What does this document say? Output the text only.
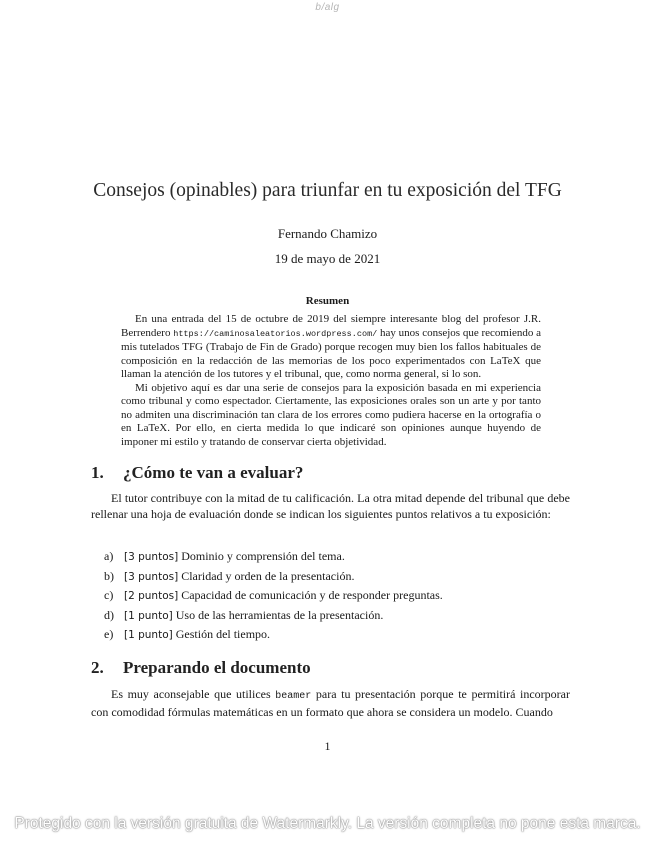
b/alg
Consejos (opinables) para triunfar en tu exposición del TFG
Fernando Chamizo
19 de mayo de 2021
Resumen

En una entrada del 15 de octubre de 2019 del siempre interesante blog del profesor J.R. Berrendero https://caminosaleatorios.wordpress.com/ hay unos consejos que recomiendo a mis tutelados TFG (Trabajo de Fin de Grado) porque recogen muy bien los fallos habituales de composición en la redacción de las memorias de los poco experimentados con LaTeX que llaman la atención de los tutores y el tribunal, que, como norma general, si lo son.

Mi objetivo aquí es dar una serie de consejos para la exposición basada en mi experiencia como tribunal y como espectador. Ciertamente, las exposiciones orales son un arte y por tanto no admiten una discriminación tan clara de los errores como pudiera hacerse en la ortografía o en LaTeX. Por ello, en cierta medida lo que indicaré son opiniones aunque huyendo de imponer mi estilo y tratando de conservar cierta objetividad.

1. ¿Cómo te van a evaluar?

El tutor contribuye con la mitad de tu calificación. La otra mitad depende del tribunal que debe rellenar una hoja de evaluación donde se indican los siguientes puntos relativos a tu exposición:

a) [3 puntos] Dominio y comprensión del tema.
b) [3 puntos] Claridad y orden de la presentación.
c) [2 puntos] Capacidad de comunicación y de responder preguntas.
d) [1 punto] Uso de las herramientas de la presentación.
e) [1 punto] Gestión del tiempo.
2. Preparando el documento

Es muy aconsejable que utilices beamer para tu presentación porque te permitirá incorporar con comodidad fórmulas matemáticas en un formato que ahora se considera un modelo. Cuando

1
Protegido con la versión gratuita de Watermarkly. La versión completa no pone esta marca.
